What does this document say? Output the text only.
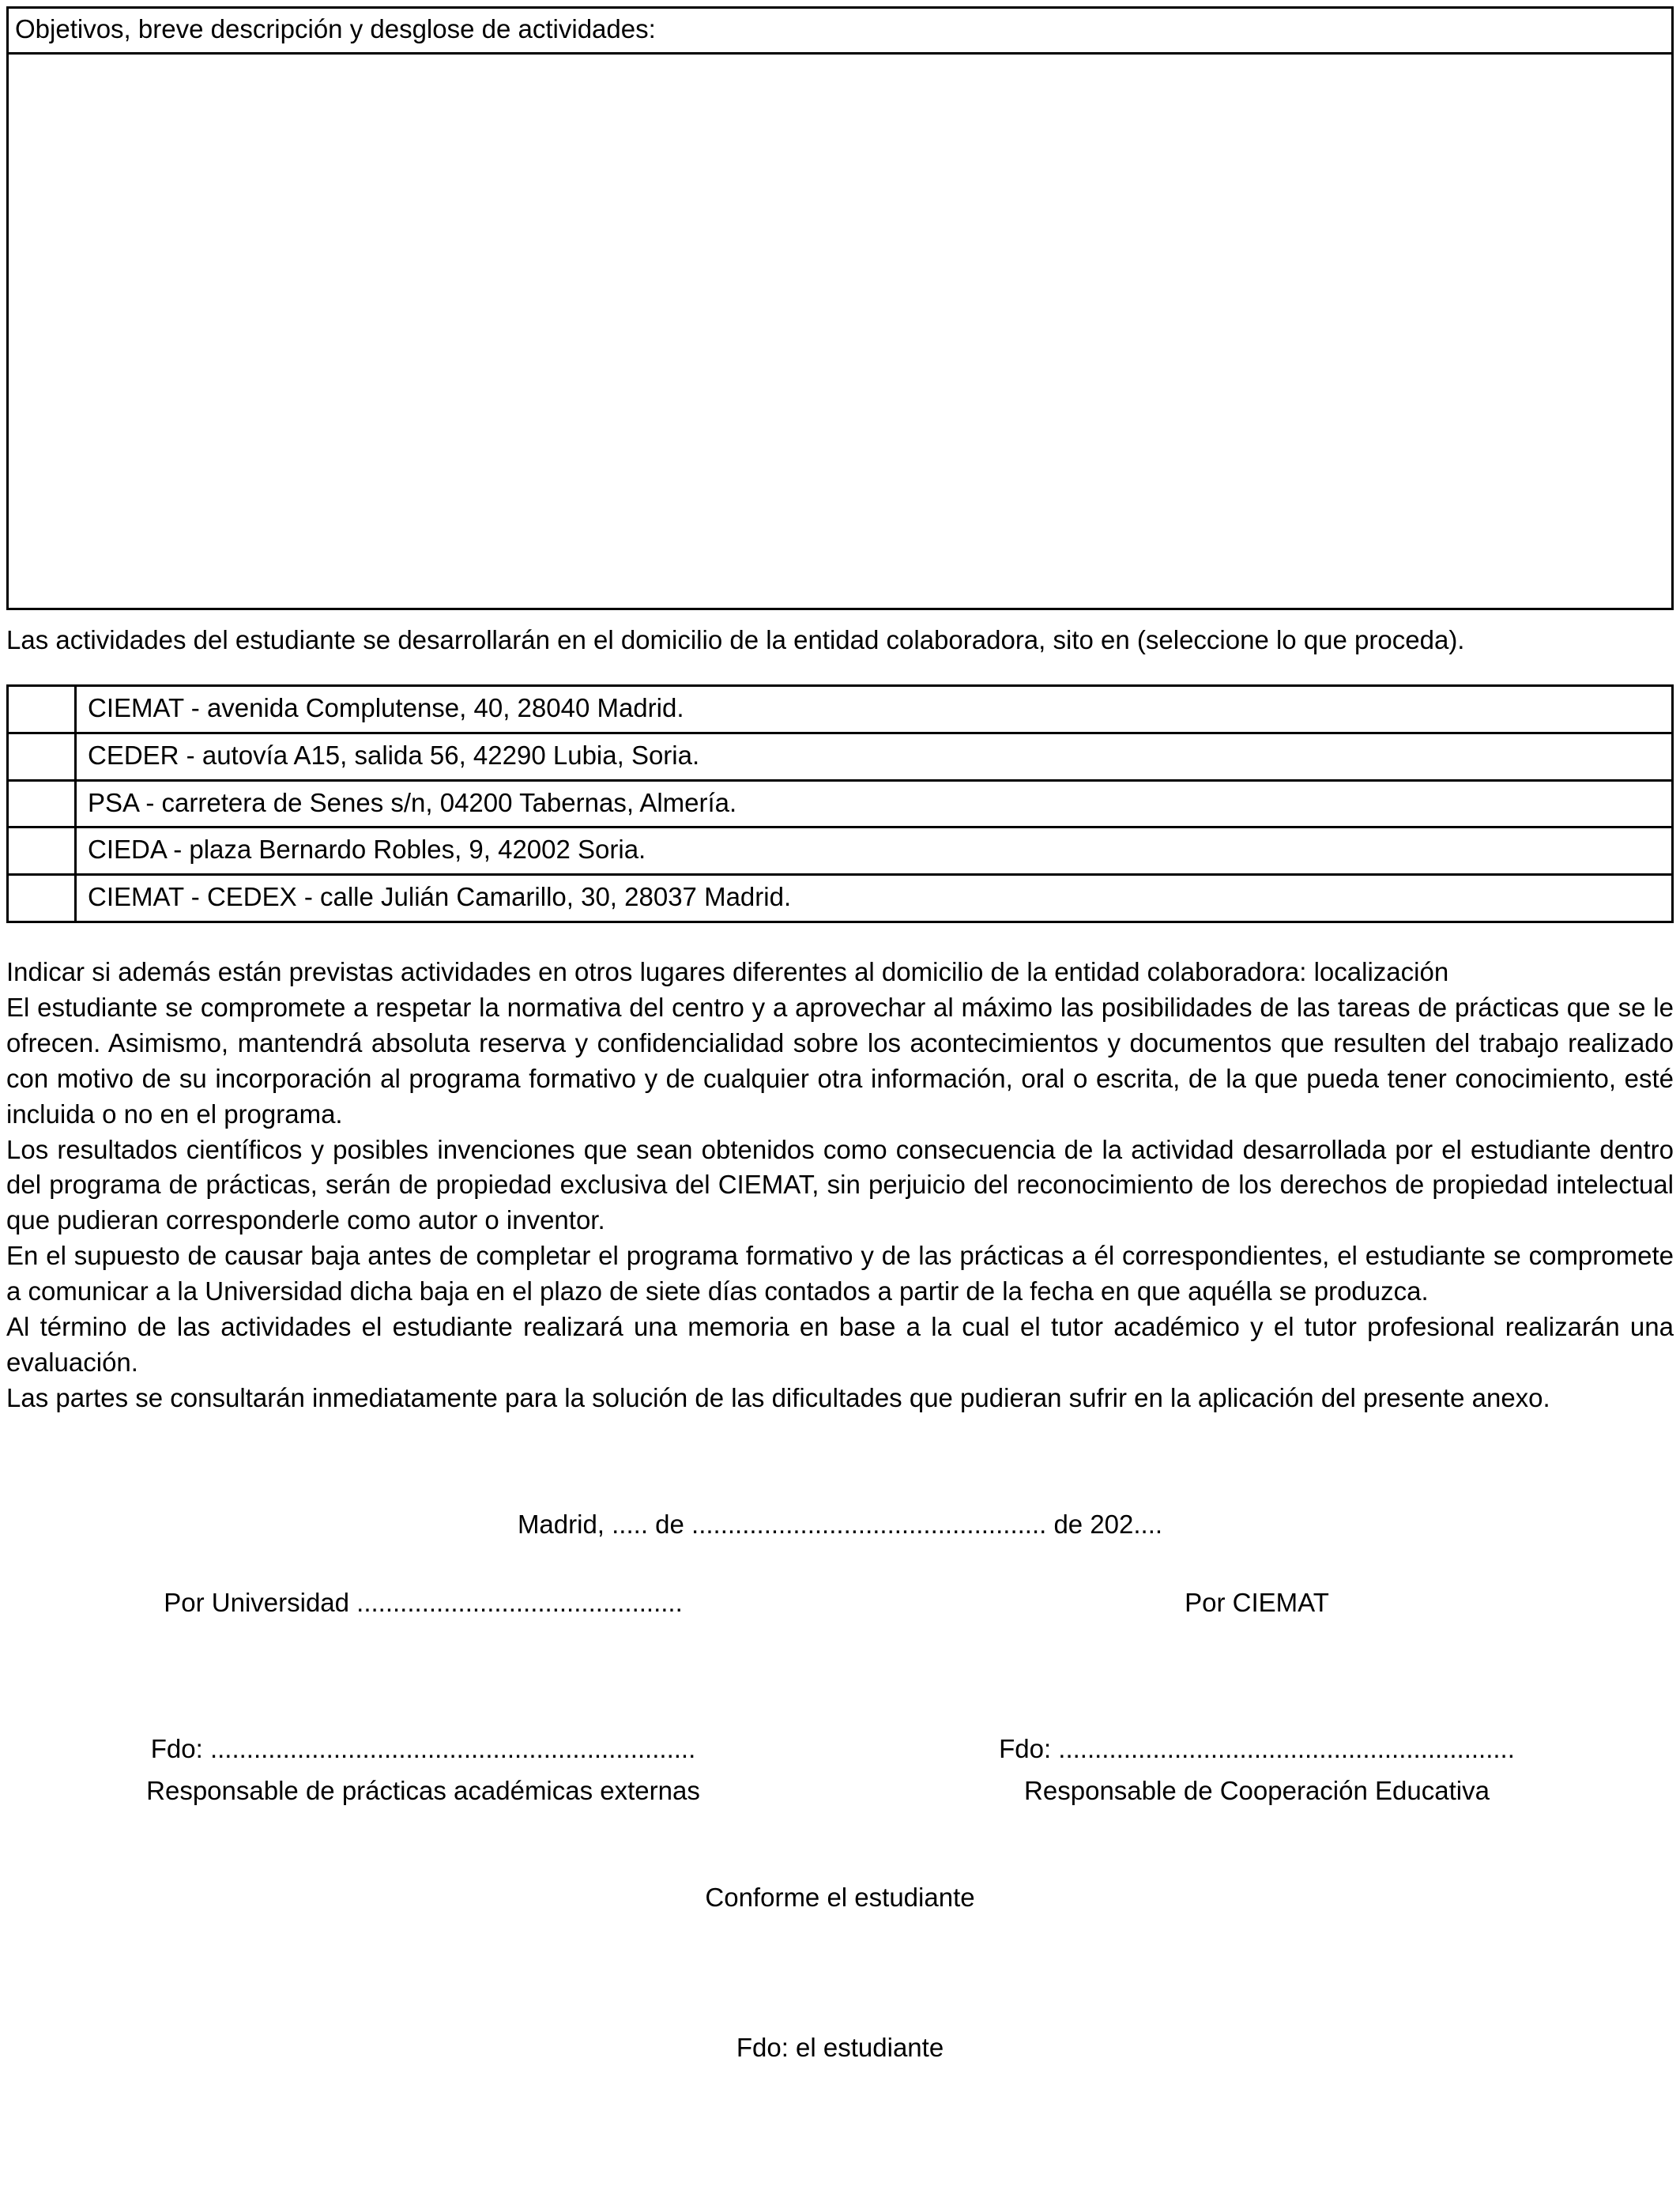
Objetivos, breve descripción y desglose de actividades:

Las actividades del estudiante se desarrollarán en el domicilio de la entidad colaboradora, sito en (seleccione lo que proceda).

	CIEMAT - avenida Complutense, 40, 28040 Madrid.
	CEDER - autovía A15, salida 56, 42290 Lubia, Soria.
	PSA - carretera de Senes s/n, 04200 Tabernas, Almería.
	CIEDA - plaza Bernardo Robles, 9, 42002 Soria.
	CIEMAT - CEDEX - calle Julián Camarillo, 30, 28037 Madrid.

Indicar si además están previstas actividades en otros lugares diferentes al domicilio de la entidad colaboradora: localización

El estudiante se compromete a respetar la normativa del centro y a aprovechar al máximo las posibilidades de las tareas de prácticas que se le ofrecen. Asimismo, mantendrá absoluta reserva y confidencialidad sobre los acontecimientos y documentos que resulten del trabajo realizado con motivo de su incorporación al programa formativo y de cualquier otra información, oral o escrita, de la que pueda tener conocimiento, esté incluida o no en el programa.

Los resultados científicos y posibles invenciones que sean obtenidos como consecuencia de la actividad desarrollada por el estudiante dentro del programa de prácticas, serán de propiedad exclusiva del CIEMAT, sin perjuicio del reconocimiento de los derechos de propiedad intelectual que pudieran corresponderle como autor o inventor.

En el supuesto de causar baja antes de completar el programa formativo y de las prácticas a él correspondientes, el estudiante se compromete a comunicar a la Universidad dicha baja en el plazo de siete días contados a partir de la fecha en que aquélla se produzca.

Al término de las actividades el estudiante realizará una memoria en base a la cual el tutor académico y el tutor profesional realizarán una evaluación.

Las partes se consultarán inmediatamente para la solución de las dificultades que pudieran sufrir en la aplicación del presente anexo.

Madrid, ..... de ................................................. de 202....
Por Universidad .............................................	Por CIEMAT
Fdo: ...................................................................	Fdo: ...............................................................
Responsable de prácticas académicas externas	Responsable de Cooperación Educativa
Conforme el estudiante
Fdo: el estudiante
